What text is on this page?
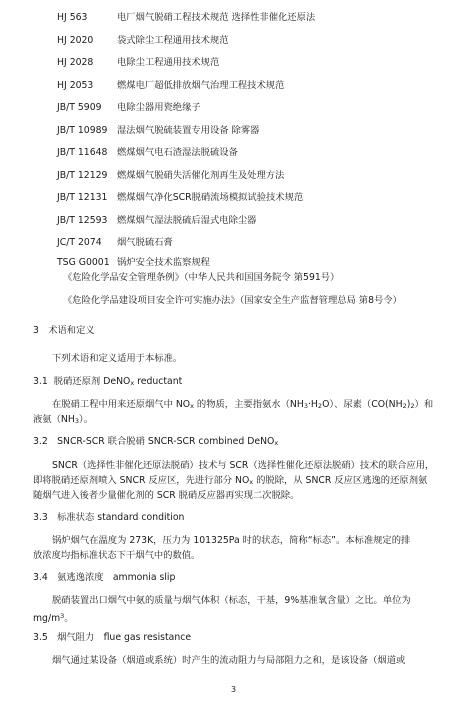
HJ 563	电厂烟气脱硝工程技术规范 选择性非催化还原法
HJ 2020	袋式除尘工程通用技术规范
HJ 2028	电除尘工程通用技术规范
HJ 2053	燃煤电厂超低排放烟气治理工程技术规范
JB/T 5909 电除尘器用瓷绝缘子
JB/T 10989 湿法烟气脱硫装置专用设备 除雾器
JB/T 11648 燃煤烟气电石渣湿法脱硫设备
JB/T 12129 燃煤烟气脱硝失活催化剂再生及处理方法
JB/T 12131 燃煤烟气净化SCR脱硝流场模拟试验技术规范
JB/T 12593 燃煤烟气湿法脱硫后湿式电除尘器
JC/T 2074 烟气脱硫石膏
TSG G0001 锅炉安全技术监察规程
《危险化学品安全管理条例》（中华人民共和国国务院令 第591号）
《危险化学品建设项目安全许可实施办法》（国家安全生产监督管理总局 第8号令）
3　术语和定义
下列术语和定义适用于本标准。
3.1 脱硝还原剂 DeNOx reductant
在脱硝工程中用来还原烟气中 NOx 的物质，主要指氨水（NH3·H2O）、尿素（CO(NH2)2）和
液氨（NH3）。
3.2　SNCR-SCR 联合脱硝 SNCR-SCR combined DeNOx
SNCR（选择性非催化还原法脱硝）技术与 SCR（选择性催化还原法脱硝）技术的联合应用，
即将脱硝还原剂喷入 SNCR 反应区，先进行部分 NOx 的脱除，从 SNCR 反应区逃逸的还原剂氨
随烟气进入後者少量催化剂的 SCR 脱硝反应器再实现二次脱除。
3.3　标准状态 standard condition
锅炉烟气在温度为 273K，压力为 101325Pa 时的状态，简称“标态”。本标准规定的排
放浓度均指标准状态下干烟气中的数值。
3.4　氨逃逸浓度　ammonia slip
脱硝装置出口烟气中氨的质量与烟气体积（标态，干基，9%基准氧含量）之比。单位为
$mg/m^3$。
3.5　烟气阻力　flue gas resistance
烟气通过某设备（烟道或系统）时产生的流动阻力与局部阻力之和，是该设备（烟道或
3
